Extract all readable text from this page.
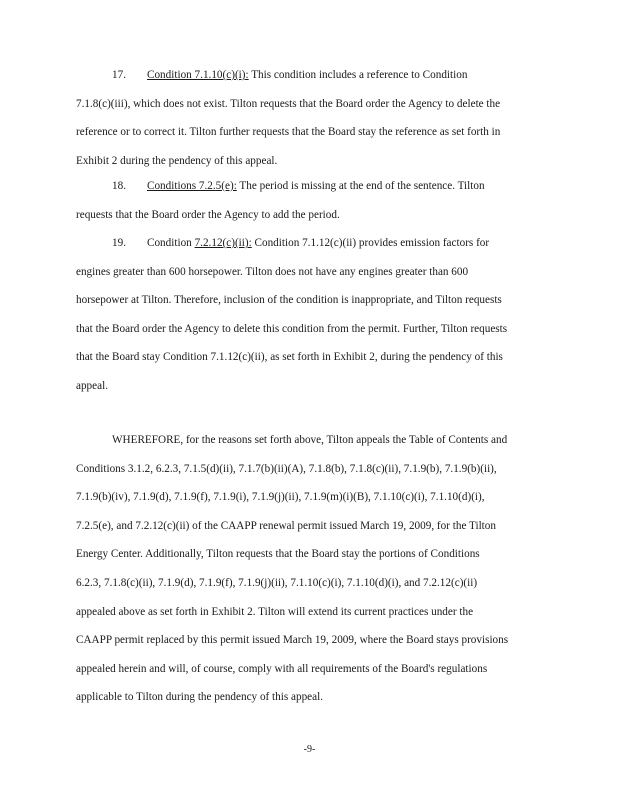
17. Condition 7.1.10(c)(i): This condition includes a reference to Condition
7.1.8(c)(iii), which does not exist. Tilton requests that the Board order the Agency to delete the
reference or to correct it. Tilton further requests that the Board stay the reference as set forth in
Exhibit 2 during the pendency of this appeal.
18. Conditions 7.2.5(e): The period is missing at the end of the sentence. Tilton
requests that the Board order the Agency to add the period.
19. Condition 7.2.12(c)(ii): Condition 7.1.12(c)(ii) provides emission factors for
engines greater than 600 horsepower. Tilton does not have any engines greater than 600
horsepower at Tilton. Therefore, inclusion of the condition is inappropriate, and Tilton requests
that the Board order the Agency to delete this condition from the permit. Further, Tilton requests
that the Board stay Condition 7.1.12(c)(ii), as set forth in Exhibit 2, during the pendency of this
appeal.
WHEREFORE, for the reasons set forth above, Tilton appeals the Table of Contents and
Conditions 3.1.2, 6.2.3, 7.1.5(d)(ii), 7.1.7(b)(ii)(A), 7.1.8(b), 7.1.8(c)(ii), 7.1.9(b), 7.1.9(b)(ii),
7.1.9(b)(iv), 7.1.9(d), 7.1.9(f), 7.1.9(i), 7.1.9(j)(ii), 7.1.9(m)(i)(B), 7.1.10(c)(i), 7.1.10(d)(i),
7.2.5(e), and 7.2.12(c)(ii) of the CAAPP renewal permit issued March 19, 2009, for the Tilton
Energy Center. Additionally, Tilton requests that the Board stay the portions of Conditions
6.2.3, 7.1.8(c)(ii), 7.1.9(d), 7.1.9(f), 7.1.9(j)(ii), 7.1.10(c)(i), 7.1.10(d)(i), and 7.2.12(c)(ii)
appealed above as set forth in Exhibit 2. Tilton will extend its current practices under the
CAAPP permit replaced by this permit issued March 19, 2009, where the Board stays provisions
appealed herein and will, of course, comply with all requirements of the Board's regulations
applicable to Tilton during the pendency of this appeal.
-9-
